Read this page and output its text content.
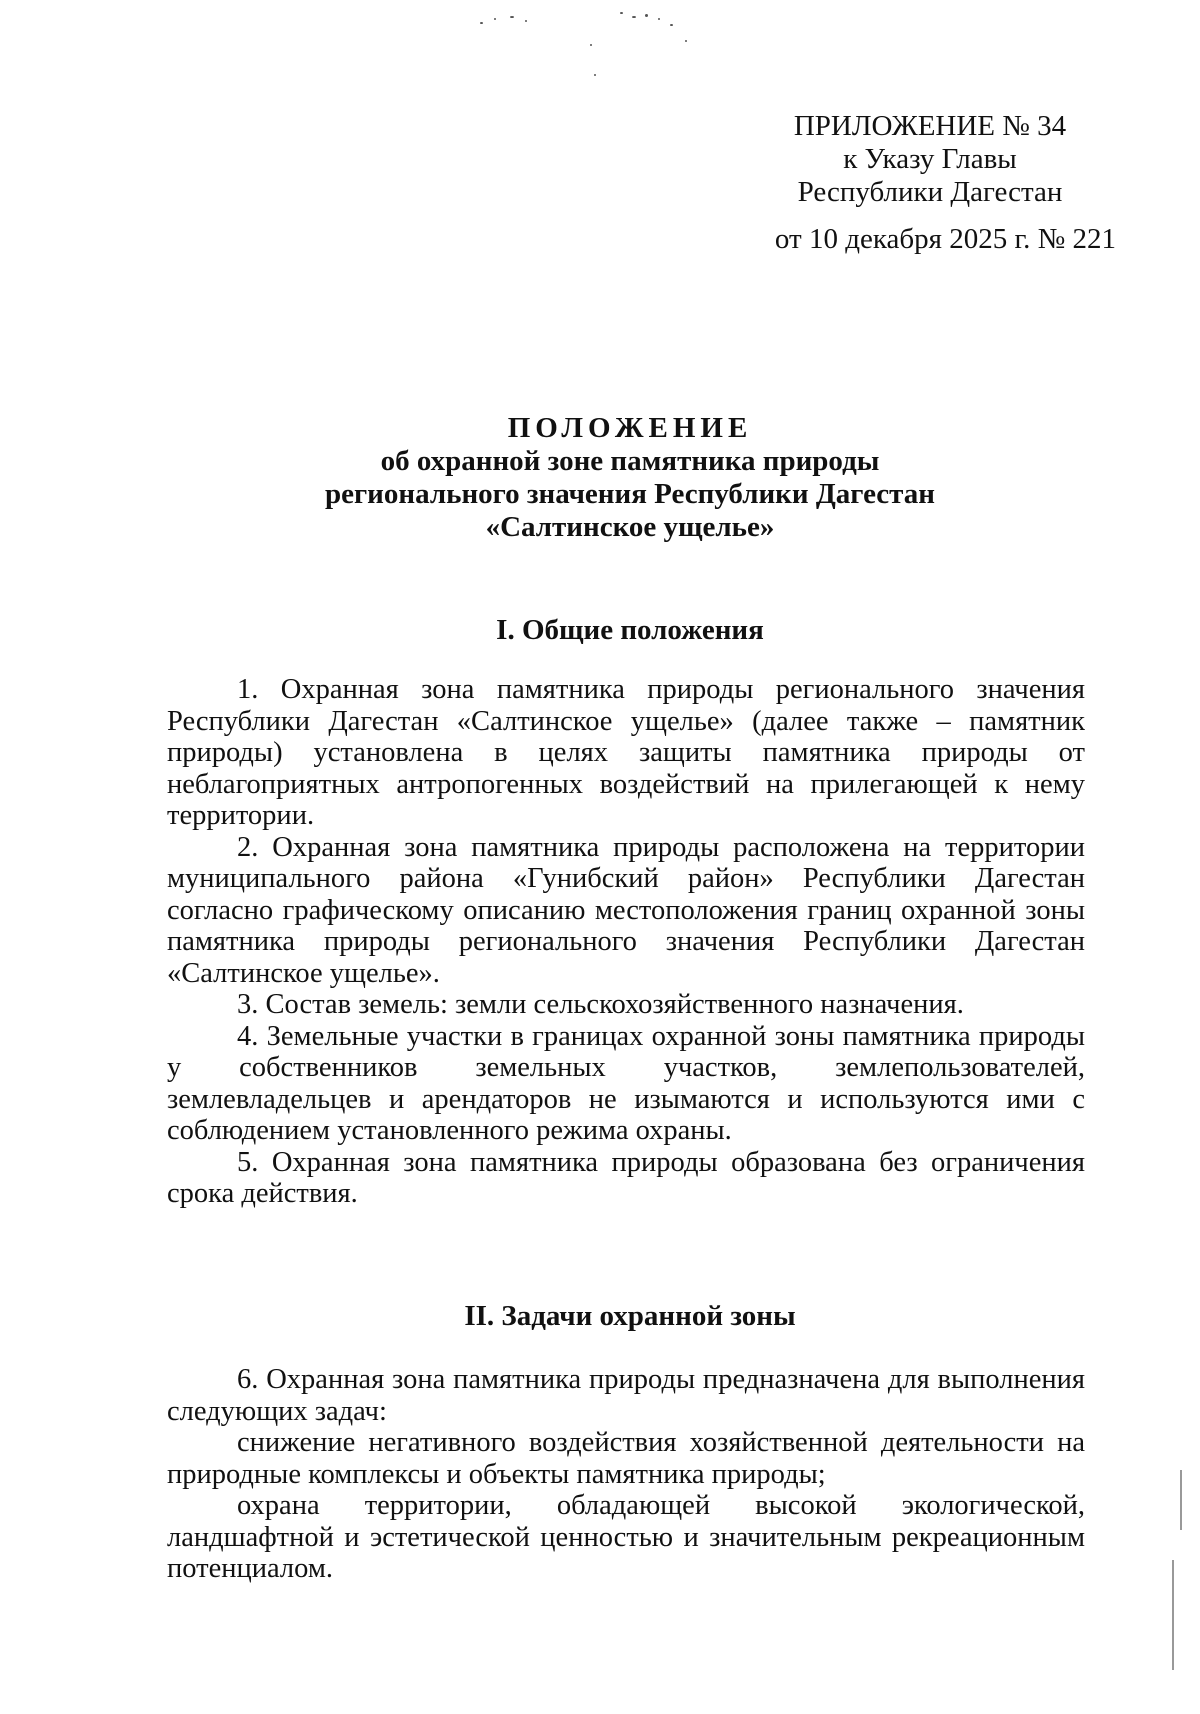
ПРИЛОЖЕНИЕ № 34
к Указу Главы
Республики Дагестан
от 10 декабря 2025 г. № 221
ПОЛОЖЕНИЕ
об охранной зоне памятника природы
регионального значения Республики Дагестан
«Салтинское ущелье»
I. Общие положения

1. Охранная зона памятника природы регионального значения Республики Дагестан «Салтинское ущелье» (далее также – памятник природы) установлена в целях защиты памятника природы от неблагоприятных антропогенных воздействий на прилегающей к нему территории.

2. Охранная зона памятника природы расположена на территории муниципального района «Гунибский район» Республики Дагестан согласно графическому описанию местоположения границ охранной зоны памятника природы регионального значения Республики Дагестан «Салтинское ущелье».

3. Состав земель: земли сельскохозяйственного назначения.

4. Земельные участки в границах охранной зоны памятника природы у собственников земельных участков, землепользователей, землевладельцев и арендаторов не изымаются и используются ими с соблюдением установленного режима охраны.

5. Охранная зона памятника природы образована без ограничения срока действия.

II. Задачи охранной зоны

6. Охранная зона памятника природы предназначена для выполнения следующих задач:

снижение негативного воздействия хозяйственной деятельности на природные комплексы и объекты памятника природы;

охрана территории, обладающей высокой экологической, ландшафтной и эстетической ценностью и значительным рекреационным потенциалом.
